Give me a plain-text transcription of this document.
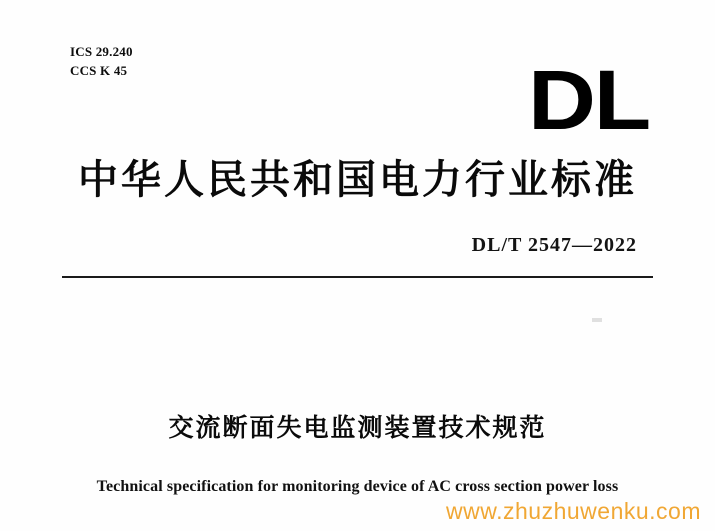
ICS 29.240
CCS K 45	DL
中华人民共和国电力行业标准
DL/T 2547—2022
交流断面失电监测装置技术规范
Technical specification for monitoring device of AC cross section power loss
www.zhuzhuwenku.com
